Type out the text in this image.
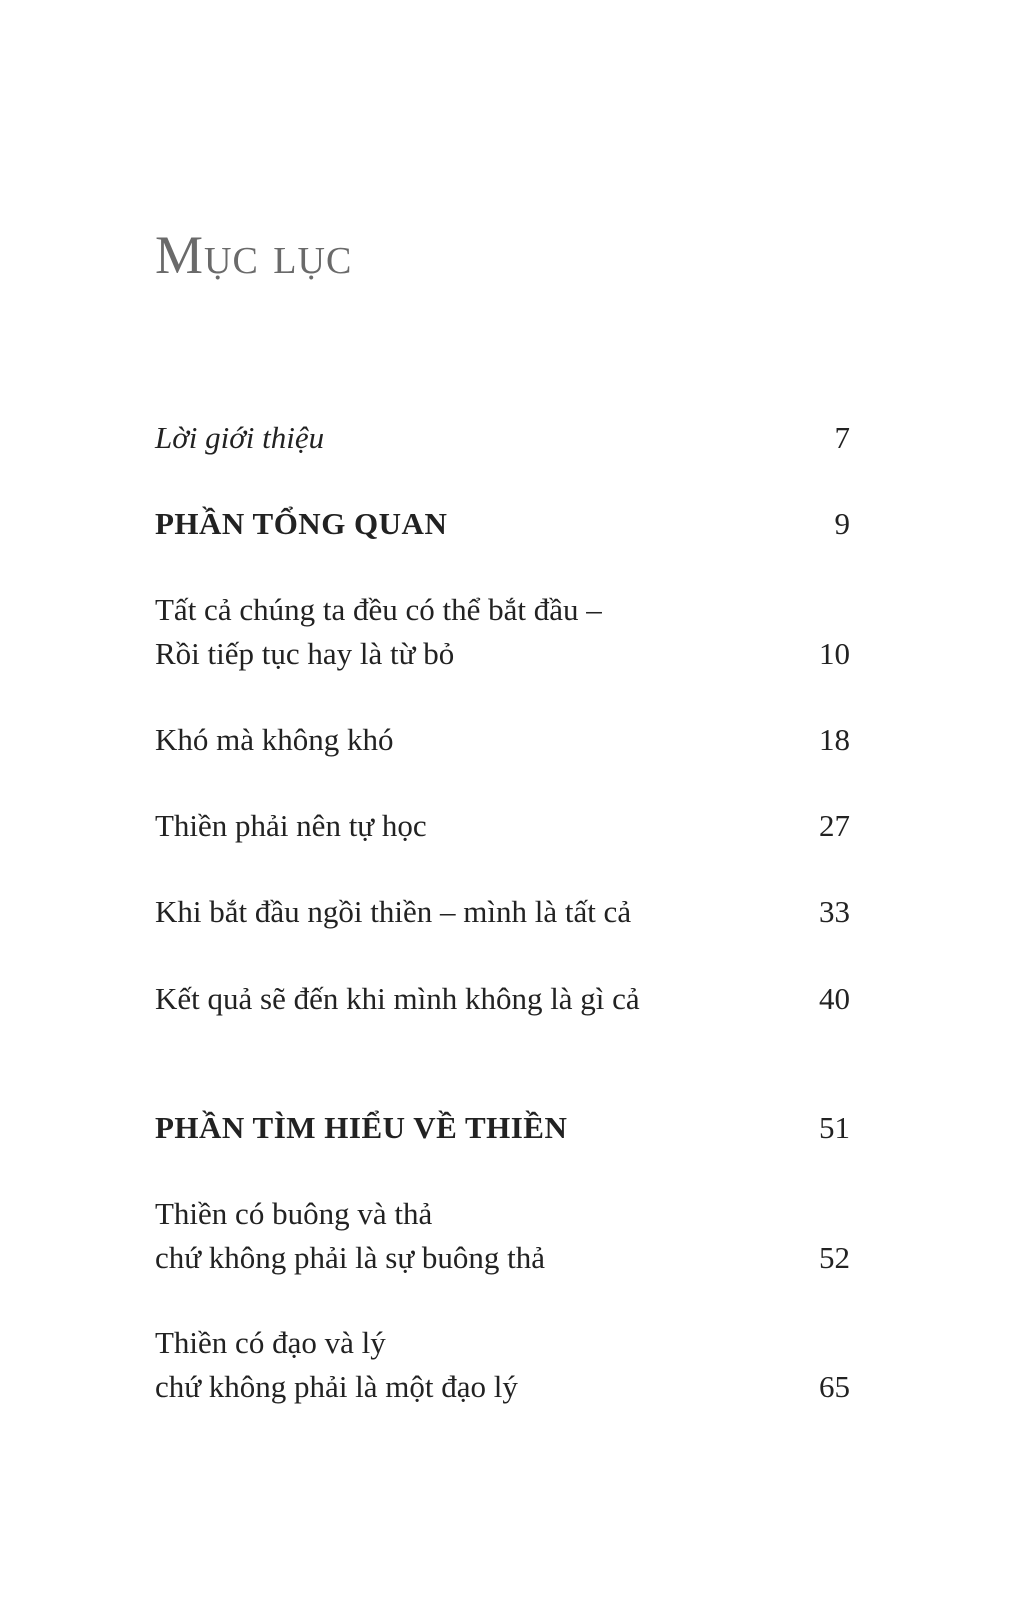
Mục lục
Lời giới thiệu	7
PHẦN TỔNG QUAN	9
Tất cả chúng ta đều có thể bắt đầu –
Rồi tiếp tục hay là từ bỏ	10
Khó mà không khó	18
Thiền phải nên tự học	27
Khi bắt đầu ngồi thiền – mình là tất cả	33
Kết quả sẽ đến khi mình không là gì cả	40
PHẦN TÌM HIỂU VỀ THIỀN	51
Thiền có buông và thả
chứ không phải là sự buông thả	52
Thiền có đạo và lý
chứ không phải là một đạo lý	65
